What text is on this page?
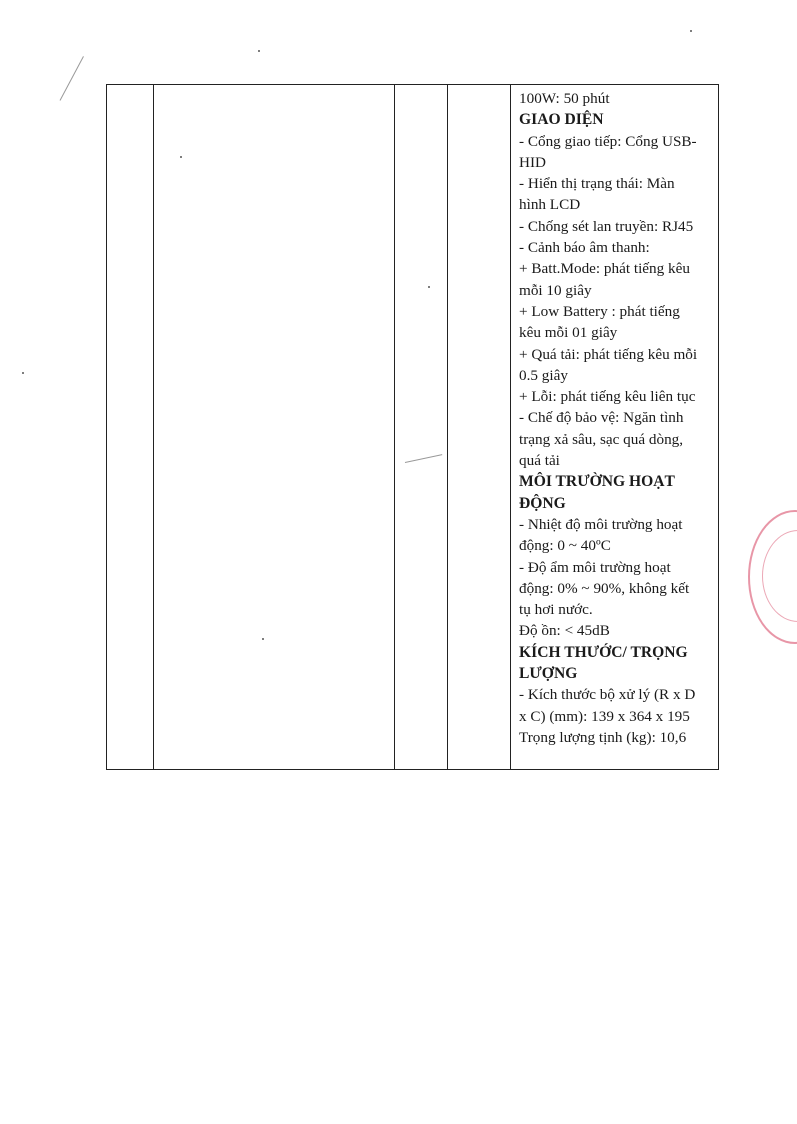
100W: 50 phút
GIAO DIỆN
- Cổng giao tiếp: Cổng USB-
HID
- Hiển thị trạng thái: Màn
hình LCD
- Chống sét lan truyền: RJ45
- Cảnh báo âm thanh:
+ Batt.Mode: phát tiếng kêu
mỗi 10 giây
+ Low Battery : phát tiếng
kêu mỗi 01 giây
+ Quá tải: phát tiếng kêu mỗi
0.5 giây
+ Lỗi: phát tiếng kêu liên tục
- Chế độ bảo vệ: Ngăn tình
trạng xả sâu, sạc quá dòng,
quá tải
MÔI TRƯỜNG HOẠT
ĐỘNG
- Nhiệt độ môi trường hoạt
động: 0 ~ 40ºC
- Độ ẩm môi trường hoạt
động: 0% ~ 90%, không kết
tụ hơi nước.
Độ ồn: < 45dB
KÍCH THƯỚC/ TRỌNG
LƯỢNG
- Kích thước bộ xử lý (R x D
x C) (mm): 139 x 364 x 195
Trọng lượng tịnh (kg): 10,6
